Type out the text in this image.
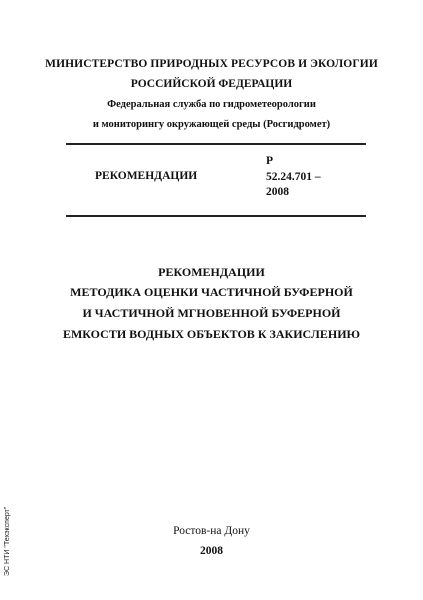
МИНИСТЕРСТВО ПРИРОДНЫХ РЕСУРСОВ И ЭКОЛОГИИ
РОССИЙСКОЙ ФЕДЕРАЦИИ
Федеральная служба по гидрометеорологии
и мониторингу окружающей среды (Росгидромет)
РЕКОМЕНДАЦИИ
Р
52.24.701 –
2008
РЕКОМЕНДАЦИИ
МЕТОДИКА ОЦЕНКИ ЧАСТИЧНОЙ БУФЕРНОЙ
И ЧАСТИЧНОЙ МГНОВЕННОЙ БУФЕРНОЙ
ЕМКОСТИ ВОДНЫХ ОБЪЕКТОВ К ЗАКИСЛЕНИЮ
Ростов-на Дону
2008
ЭС НТИ "Техэксперт"
